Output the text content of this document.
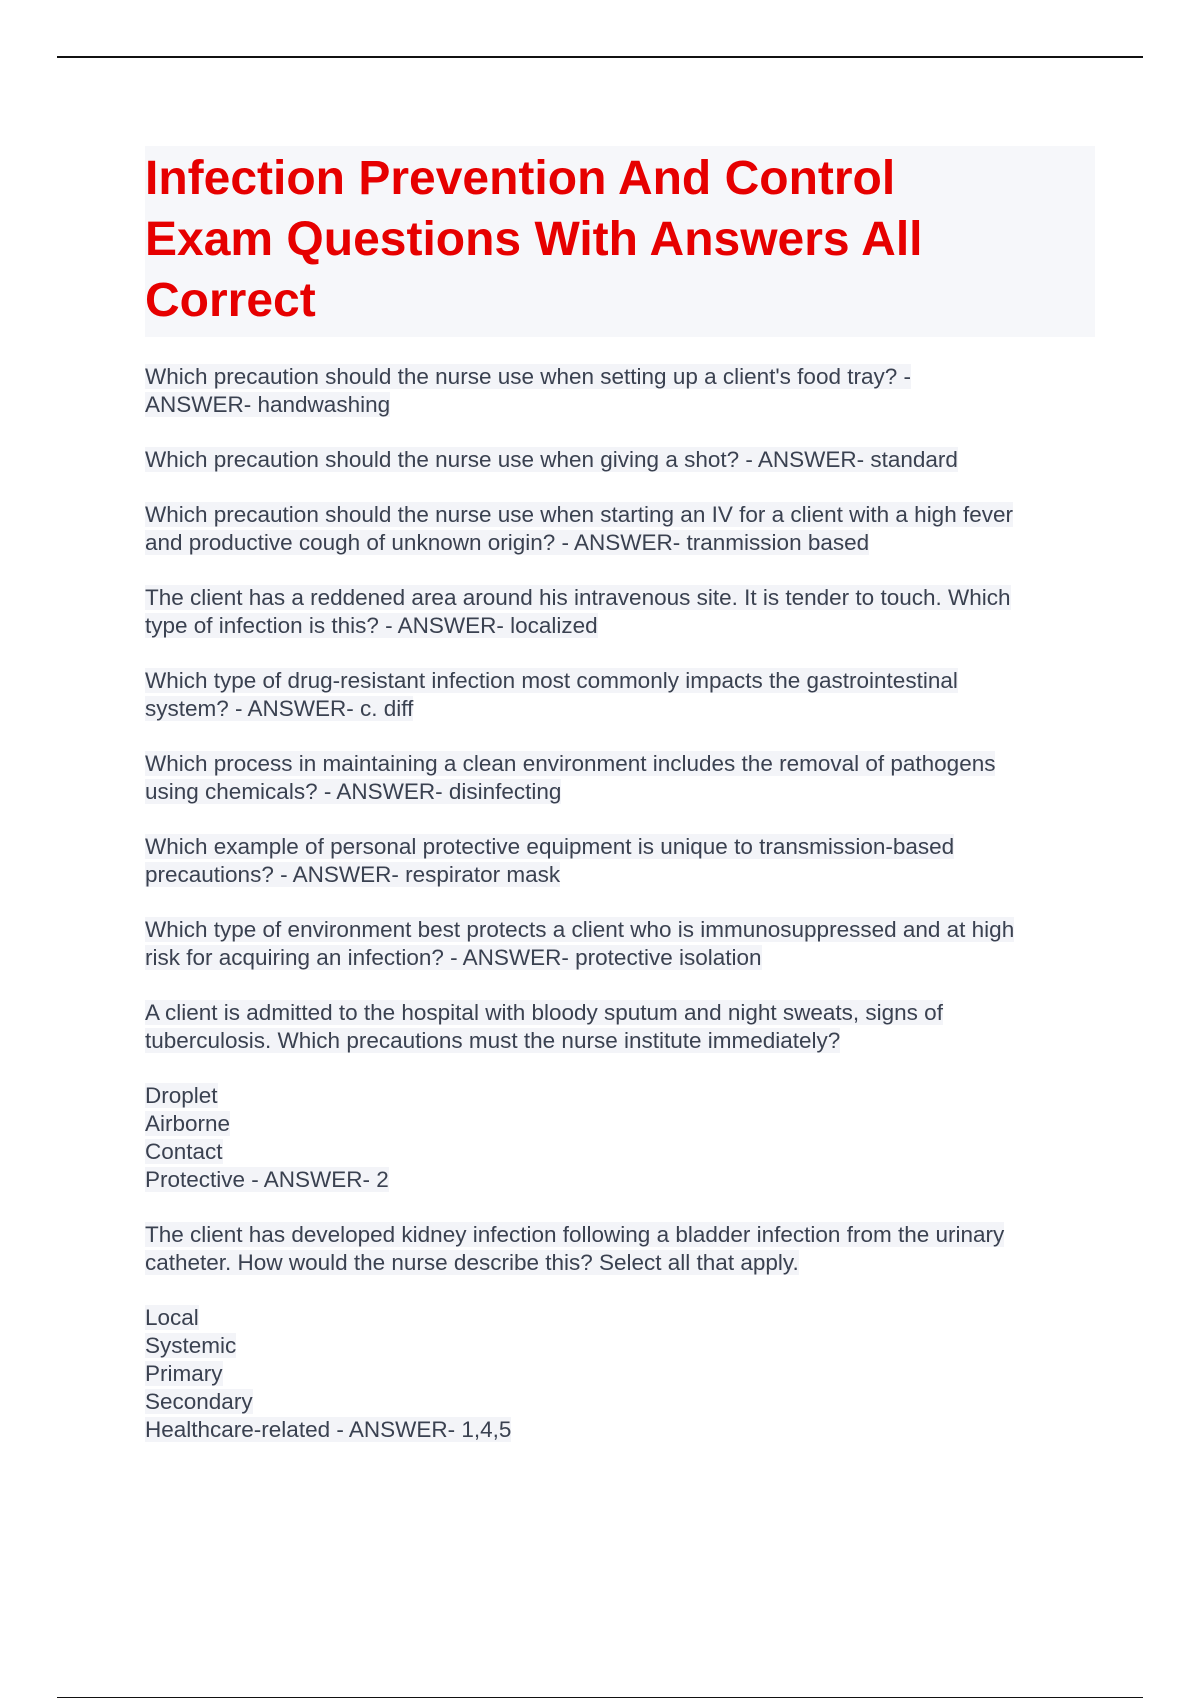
Infection Prevention And Control
Exam Questions With Answers All
Correct

Which precaution should the nurse use when setting up a client's food tray? -
ANSWER- handwashing

Which precaution should the nurse use when giving a shot? - ANSWER- standard

Which precaution should the nurse use when starting an IV for a client with a high fever
and productive cough of unknown origin? - ANSWER- tranmission based

The client has a reddened area around his intravenous site. It is tender to touch. Which
type of infection is this? - ANSWER- localized

Which type of drug-resistant infection most commonly impacts the gastrointestinal
system? - ANSWER- c. diff

Which process in maintaining a clean environment includes the removal of pathogens
using chemicals? - ANSWER- disinfecting

Which example of personal protective equipment is unique to transmission-based
precautions? - ANSWER- respirator mask

Which type of environment best protects a client who is immunosuppressed and at high
risk for acquiring an infection? - ANSWER- protective isolation

A client is admitted to the hospital with bloody sputum and night sweats, signs of
tuberculosis. Which precautions must the nurse institute immediately?

Droplet
Airborne
Contact
Protective - ANSWER- 2

The client has developed kidney infection following a bladder infection from the urinary
catheter. How would the nurse describe this? Select all that apply.

Local
Systemic
Primary
Secondary
Healthcare-related - ANSWER- 1,4,5
